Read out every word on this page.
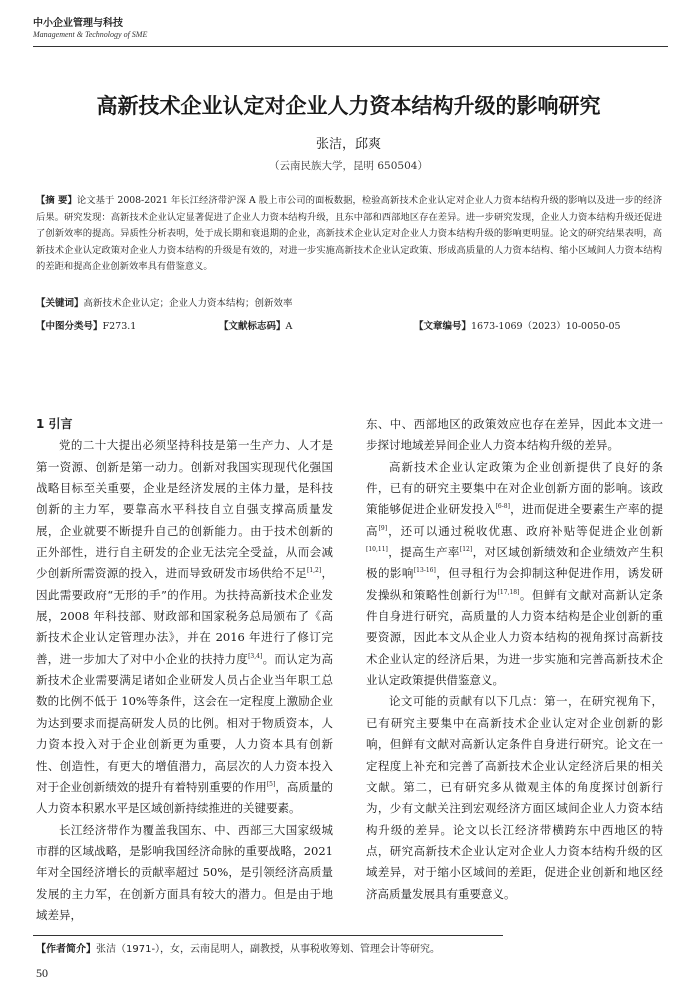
中小企业管理与科技
Management & Technology of SME
高新技术企业认定对企业人力资本结构升级的影响研究
张洁，邱爽
（云南民族大学，昆明 650504）
【摘 要】论文基于 2008-2021 年长江经济带沪深 A 股上市公司的面板数据，检验高新技术企业认定对企业人力资本结构升级的影响以及进一步的经济后果。研究发现：高新技术企业认定显著促进了企业人力资本结构升级，且东中部和西部地区存在差异。进一步研究发现，企业人力资本结构升级还促进了创新效率的提高。异质性分析表明，处于成长期和衰退期的企业，高新技术企业认定对企业人力资本结构升级的影响更明显。论文的研究结果表明，高新技术企业认定政策对企业人力资本结构的升级是有效的，对进一步实施高新技术企业认定政策、形成高质量的人力资本结构、缩小区域间人力资本结构的差距和提高企业创新效率具有借鉴意义。
【关键词】高新技术企业认定；企业人力资本结构；创新效率
【中图分类号】F273.1	【文献标志码】A	【文章编号】1673-1069（2023）10-0050-05

1 引言

党的二十大提出必须坚持科技是第一生产力、人才是第一资源、创新是第一动力。创新对我国实现现代化强国战略目标至关重要，企业是经济发展的主体力量，是科技创新的主力军，要靠高水平科技自立自强支撑高质量发展，企业就要不断提升自己的创新能力。由于技术创新的正外部性，进行自主研发的企业无法完全受益，从而会减少创新所需资源的投入，进而导致研发市场供给不足[1,2]，因此需要政府“无形的手”的作用。为扶持高新技术企业发展，2008 年科技部、财政部和国家税务总局颁布了《高新技术企业认定管理办法》，并在 2016 年进行了修订完善，进一步加大了对中小企业的扶持力度[3,4]。而认定为高新技术企业需要满足诸如企业研发人员占企业当年职工总数的比例不低于 10%等条件，这会在一定程度上激励企业为达到要求而提高研发人员的比例。相对于物质资本，人力资本投入对于企业创新更为重要，人力资本具有创新性、创造性，有更大的增值潜力，高层次的人力资本投入对于企业创新绩效的提升有着特别重要的作用[5]，高质量的人力资本积累水平是区域创新持续推进的关键要素。

长江经济带作为覆盖我国东、中、西部三大国家级城市群的区域战略，是影响我国经济命脉的重要战略，2021 年对全国经济增长的贡献率超过 50%，是引领经济高质量发展的主力军，在创新方面具有较大的潜力。但是由于地域差异，

东、中、西部地区的政策效应也存在差异，因此本文进一步探讨地域差异间企业人力资本结构升级的差异。

高新技术企业认定政策为企业创新提供了良好的条件，已有的研究主要集中在对企业创新方面的影响。该政策能够促进企业研发投入[6-8]，进而促进全要素生产率的提高[9]，还可以通过税收优惠、政府补贴等促进企业创新[10,11]，提高生产率[12]，对区域创新绩效和企业绩效产生积极的影响[13-16]，但寻租行为会抑制这种促进作用，诱发研发操纵和策略性创新行为[17,18]。但鲜有文献对高新认定条件自身进行研究，高质量的人力资本结构是企业创新的重要资源，因此本文从企业人力资本结构的视角探讨高新技术企业认定的经济后果，为进一步实施和完善高新技术企业认定政策提供借鉴意义。

论文可能的贡献有以下几点：第一，在研究视角下，已有研究主要集中在高新技术企业认定对企业创新的影响，但鲜有文献对高新认定条件自身进行研究。论文在一定程度上补充和完善了高新技术企业认定经济后果的相关文献。第二，已有研究多从微观主体的角度探讨创新行为，少有文献关注到宏观经济方面区域间企业人力资本结构升级的差异。论文以长江经济带横跨东中西地区的特点，研究高新技术企业认定对企业人力资本结构升级的区域差异，对于缩小区域间的差距，促进企业创新和地区经济高质量发展具有重要意义。

【作者简介】张洁（1971-），女，云南昆明人，副教授，从事税收筹划、管理会计等研究。
50
